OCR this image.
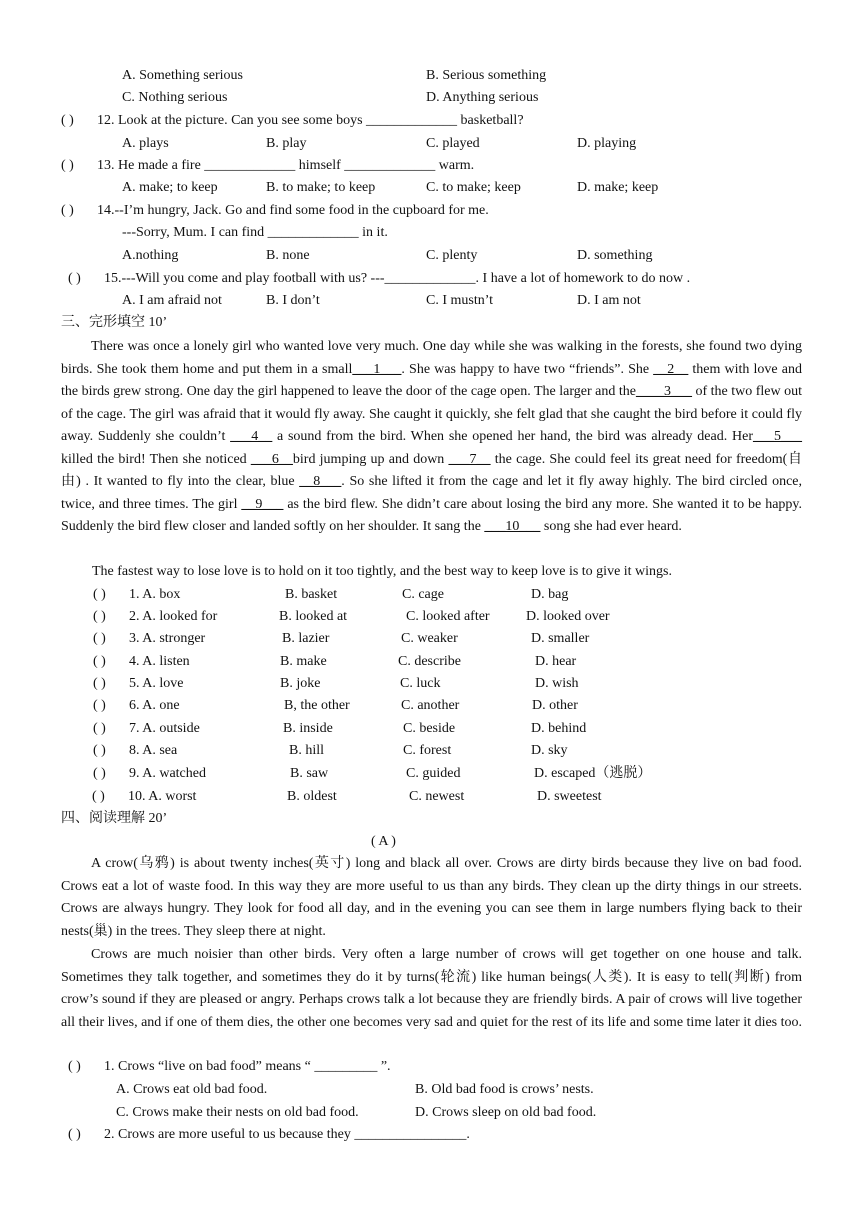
A. Something serious	B. Serious something
C. Nothing serious	D. Anything serious
( ) 12. Look at the picture. Can you see some boys _____________ basketball?
A. plays	B. play	C. played	D. playing
( ) 13. He made a fire _____________ himself _____________ warm.
A. make; to keep	B. to make; to keep	C. to make; keep	D. make; keep
( ) 14.--I’m hungry, Jack. Go and find some food in the cupboard for me.
---Sorry, Mum. I can find _____________ in it.
A.nothing	B. none	C. plenty	D. something
( ) 15.---Will you come and play football with us? ---_____________. I have a lot of homework to do now .
A. I am afraid not	B. I don’t	C. I mustn’t	D. I am not
三、完形填空 10’
There was once a lonely girl who wanted love very much. One day while she was walking in the forests, she found two dying birds. She took them home and put them in a small___1___. She was happy to have two “friends”. She __2__ them with love and the birds grew strong. One day the girl happened to leave the door of the cage open. The larger and the____3___ of the two flew out of the cage. The girl was afraid that it would fly away. She caught it quickly, she felt glad that she caught the bird before it could fly away. Suddenly she couldn’t ___4__ a sound from the bird. When she opened her hand, the bird was already dead. Her___5___ killed the bird! Then she noticed ___6__bird jumping up and down ___7__ the cage. She could feel its great need for freedom(自由) . It wanted to fly into the clear, blue __8___. So she lifted it from the cage and let it fly away highly. The bird circled once, twice, and three times. The girl __9___ as the bird flew. She didn’t care about losing the bird any more. She wanted it to be happy. Suddenly the bird flew closer and landed softly on her shoulder. It sang the ___10___ song she had ever heard.
The fastest way to lose love is to hold on it too tightly, and the best way to keep love is to give it wings.
( ) 1. A. box	B. basket	C. cage	D. bag
( ) 2. A. looked for	B. looked at	C. looked after	D. looked over
( ) 3. A. stronger	B. lazier	C. weaker	D. smaller
( ) 4. A. listen	B. make	C. describe	D. hear
( ) 5. A. love	B. joke	C. luck	D. wish
( ) 6. A. one	B, the other	C. another	D. other
( ) 7. A. outside	B. inside	C. beside	D. behind
( ) 8. A. sea	B. hill	C. forest	D. sky
( ) 9. A. watched	B. saw	C. guided	D. escaped（逃脱）
( ) 10. A. worst	B. oldest	C. newest	D. sweetest
四、阅读理解 20’
( A )
A crow(乌鸦) is about twenty inches(英寸) long and black all over. Crows are dirty birds because they live on bad food. Crows eat a lot of waste food. In this way they are more useful to us than any birds. They clean up the dirty things in our streets. Crows are always hungry. They look for food all day, and in the evening you can see them in large numbers flying back to their nests(巢) in the trees. They sleep there at night.
Crows are much noisier than other birds. Very often a large number of crows will get together on one house and talk. Sometimes they talk together, and sometimes they do it by turns(轮流) like human beings(人类). It is easy to tell(判断) from crow’s sound if they are pleased or angry. Perhaps crows talk a lot because they are friendly birds. A pair of crows will live together all their lives, and if one of them dies, the other one becomes very sad and quiet for the rest of its life and some time later it dies too.
( ) 1. Crows “live on bad food” means “ _________ ”.
A. Crows eat old bad food.	B. Old bad food is crows’ nests.
C. Crows make their nests on old bad food.	D. Crows sleep on old bad food.
( ) 2. Crows are more useful to us because they ________________.
